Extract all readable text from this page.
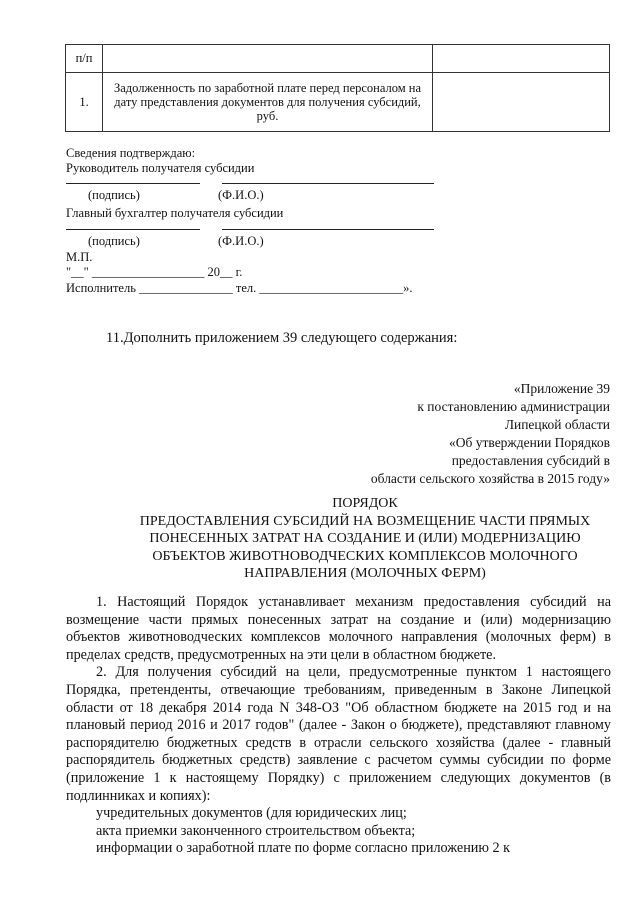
п/п		
1.	Задолженность по заработной плате перед персоналом на дату представления документов для получения субсидий, руб.	
Сведения подтверждаю:
Руководитель получателя субсидии
(подпись)	(Ф.И.О.)
Главный бухгалтер получателя субсидии
(подпись)	(Ф.И.О.)
М.П.
"__" __________________ 20__ г.
Исполнитель _______________ тел. _______________________».
11.Дополнить приложением 39 следующего содержания:
«Приложение 39
к постановлению администрации
Липецкой области
«Об утверждении Порядков
предоставления субсидий в
области сельского хозяйства в 2015 году»
ПОРЯДОК
ПРЕДОСТАВЛЕНИЯ СУБСИДИЙ НА ВОЗМЕЩЕНИЕ ЧАСТИ ПРЯМЫХ
ПОНЕСЕННЫХ ЗАТРАТ НА СОЗДАНИЕ И (ИЛИ) МОДЕРНИЗАЦИЮ
ОБЪЕКТОВ ЖИВОТНОВОДЧЕСКИХ КОМПЛЕКСОВ МОЛОЧНОГО
НАПРАВЛЕНИЯ (МОЛОЧНЫХ ФЕРМ)

1. Настоящий Порядок устанавливает механизм предоставления субсидий на возмещение части прямых понесенных затрат на создание и (или) модернизацию объектов животноводческих комплексов молочного направления (молочных ферм) в пределах средств, предусмотренных на эти цели в областном бюджете.

2. Для получения субсидий на цели, предусмотренные пунктом 1 настоящего Порядка, претенденты, отвечающие требованиям, приведенным в Законе Липецкой области от 18 декабря 2014 года N 348-ОЗ "Об областном бюджете на 2015 год и на плановый период 2016 и 2017 годов" (далее - Закон о бюджете), представляют главному распорядителю бюджетных средств в отрасли сельского хозяйства (далее - главный распорядитель бюджетных средств) заявление с расчетом суммы субсидии по форме (приложение 1 к настоящему Порядку) с приложением следующих документов (в подлинниках и копиях):

учредительных документов (для юридических лиц;

акта приемки законченного строительством объекта;

информации о заработной плате по форме согласно приложению 2 к
